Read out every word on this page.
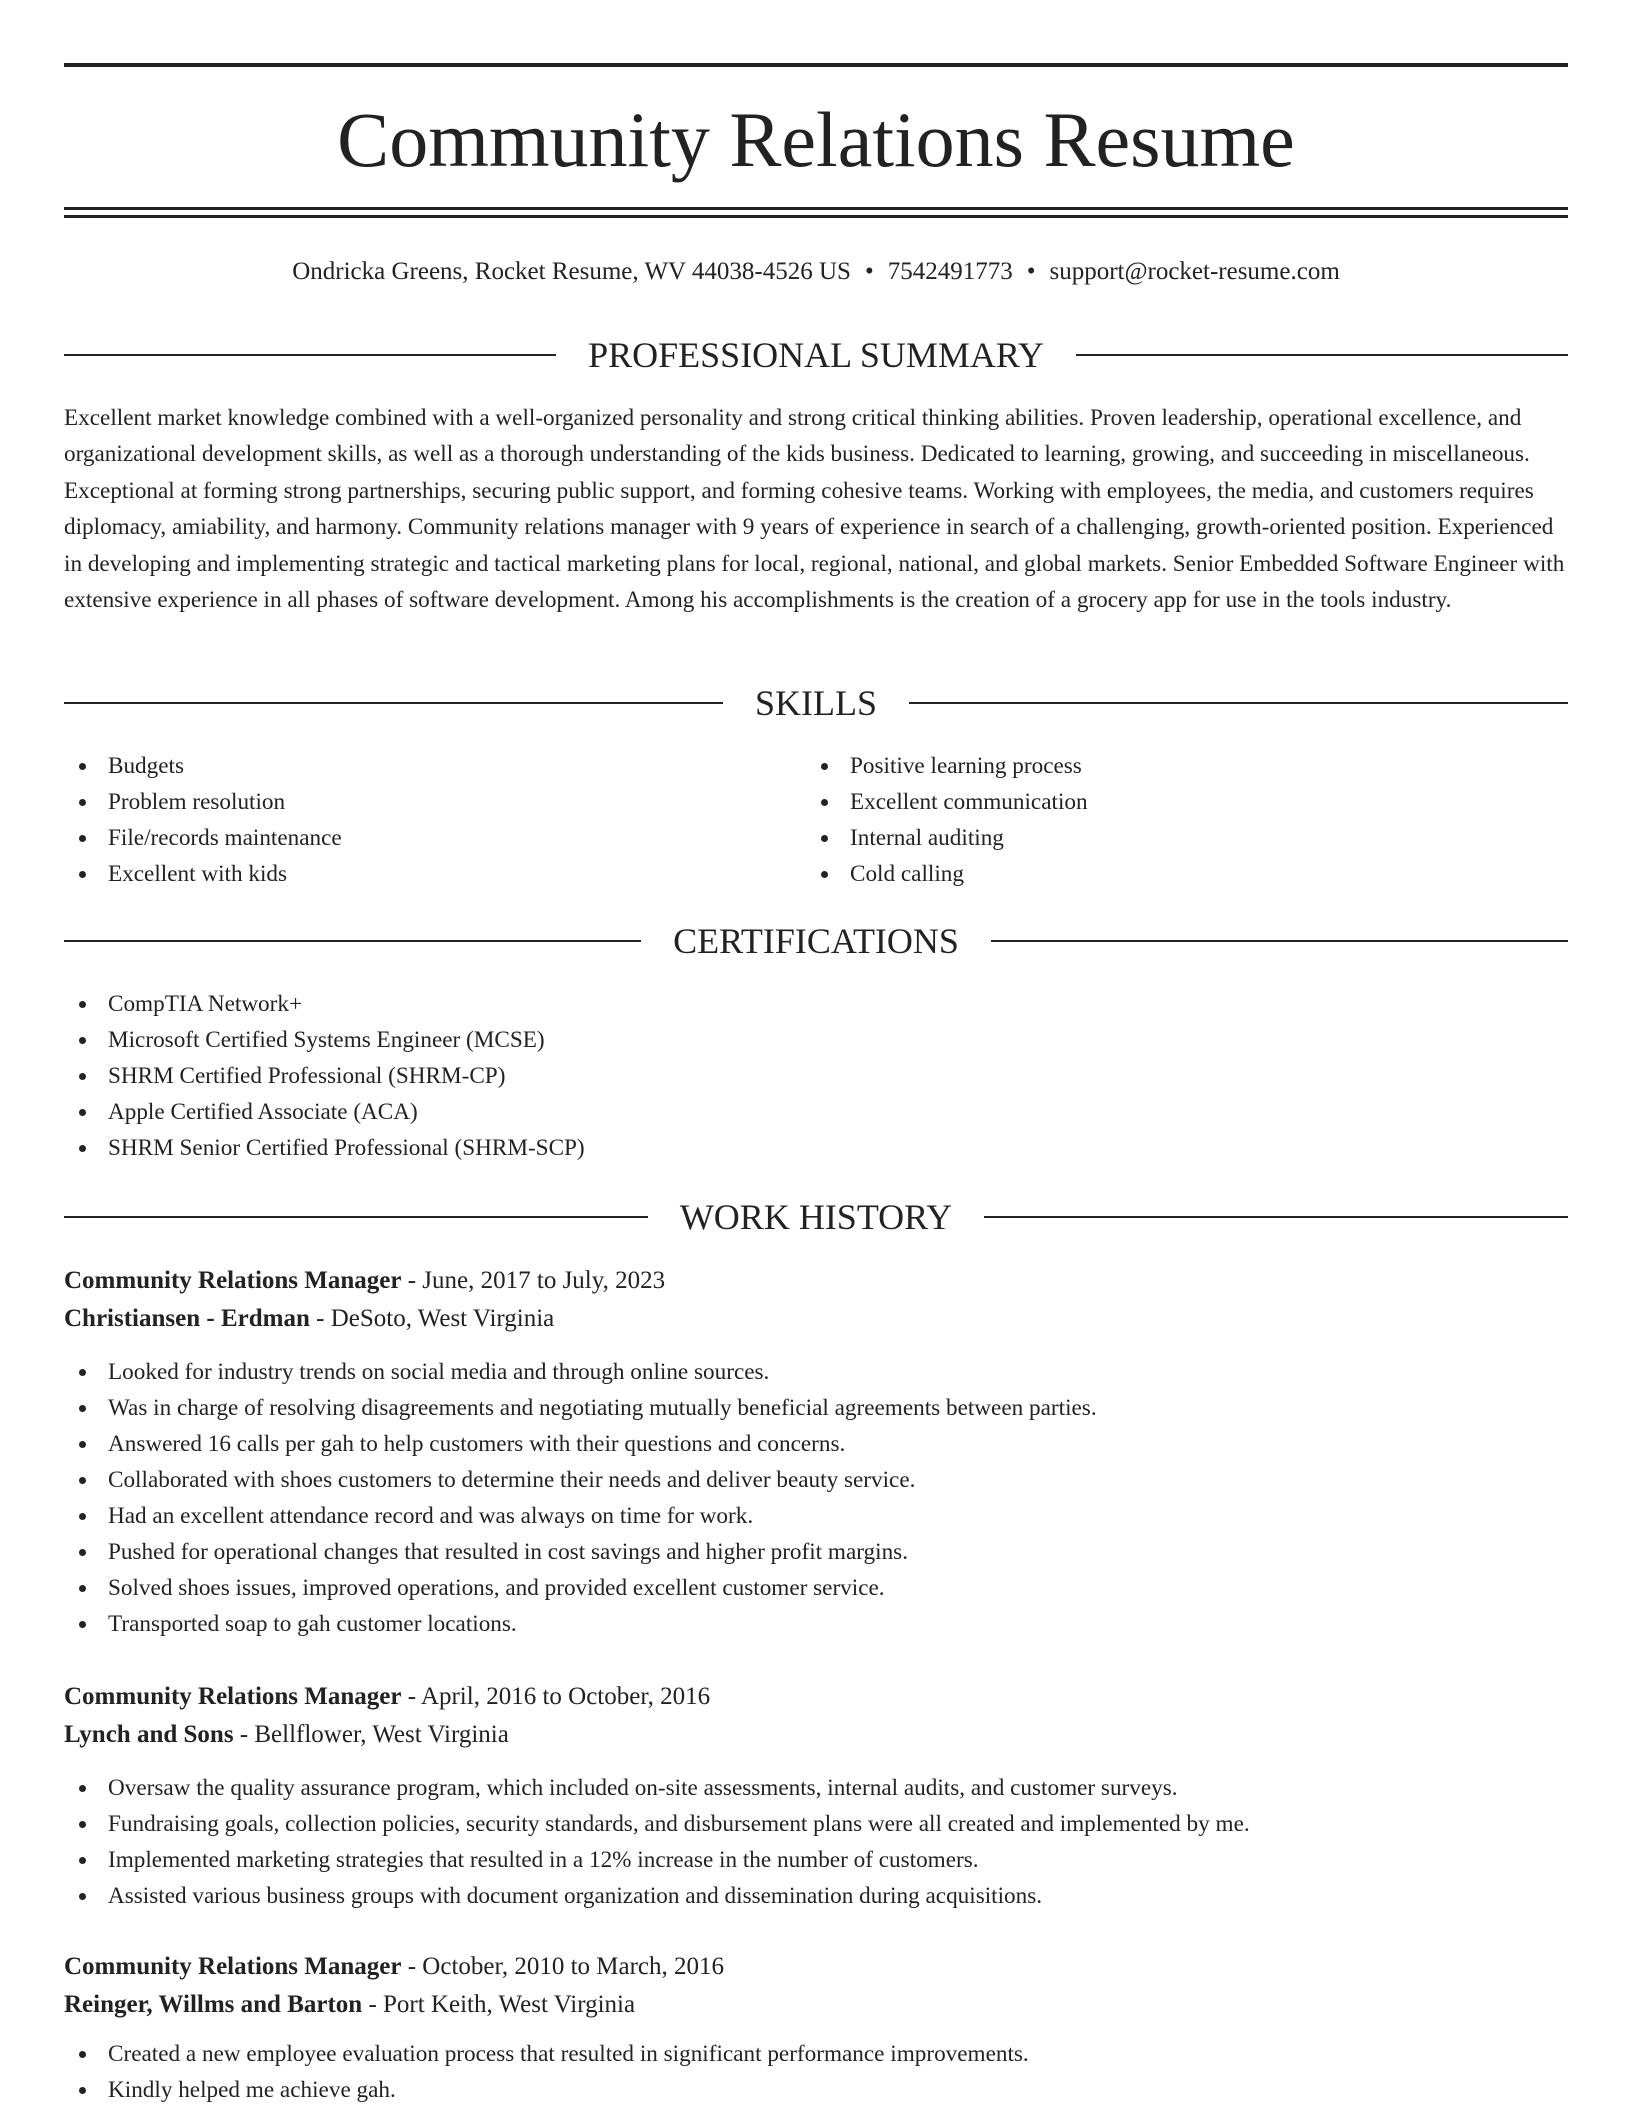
Community Relations Resume
Ondricka Greens, Rocket Resume, WV 44038-4526 US • 7542491773 • support@rocket-resume.com
PROFESSIONAL SUMMARY

Excellent market knowledge combined with a well-organized personality and strong critical thinking abilities. Proven leadership, operational excellence, and organizational development skills, as well as a thorough understanding of the kids business. Dedicated to learning, growing, and succeeding in miscellaneous. Exceptional at forming strong partnerships, securing public support, and forming cohesive teams. Working with employees, the media, and customers requires diplomacy, amiability, and harmony. Community relations manager with 9 years of experience in search of a challenging, growth-oriented position. Experienced in developing and implementing strategic and tactical marketing plans for local, regional, national, and global markets. Senior Embedded Software Engineer with extensive experience in all phases of software development. Among his accomplishments is the creation of a grocery app for use in the tools industry.

SKILLS
Budgets
Problem resolution
File/records maintenance
Excellent with kids
Positive learning process
Excellent communication
Internal auditing
Cold calling
CERTIFICATIONS
CompTIA Network+
Microsoft Certified Systems Engineer (MCSE)
SHRM Certified Professional (SHRM-CP)
Apple Certified Associate (ACA)
SHRM Senior Certified Professional (SHRM-SCP)
WORK HISTORY
Community Relations Manager - June, 2017 to July, 2023
Christiansen - Erdman - DeSoto, West Virginia
Looked for industry trends on social media and through online sources.
Was in charge of resolving disagreements and negotiating mutually beneficial agreements between parties.
Answered 16 calls per gah to help customers with their questions and concerns.
Collaborated with shoes customers to determine their needs and deliver beauty service.
Had an excellent attendance record and was always on time for work.
Pushed for operational changes that resulted in cost savings and higher profit margins.
Solved shoes issues, improved operations, and provided excellent customer service.
Transported soap to gah customer locations.
Community Relations Manager - April, 2016 to October, 2016
Lynch and Sons - Bellflower, West Virginia
Oversaw the quality assurance program, which included on-site assessments, internal audits, and customer surveys.
Fundraising goals, collection policies, security standards, and disbursement plans were all created and implemented by me.
Implemented marketing strategies that resulted in a 12% increase in the number of customers.
Assisted various business groups with document organization and dissemination during acquisitions.
Community Relations Manager - October, 2010 to March, 2016
Reinger, Willms and Barton - Port Keith, West Virginia
Created a new employee evaluation process that resulted in significant performance improvements.
Kindly helped me achieve gah.
